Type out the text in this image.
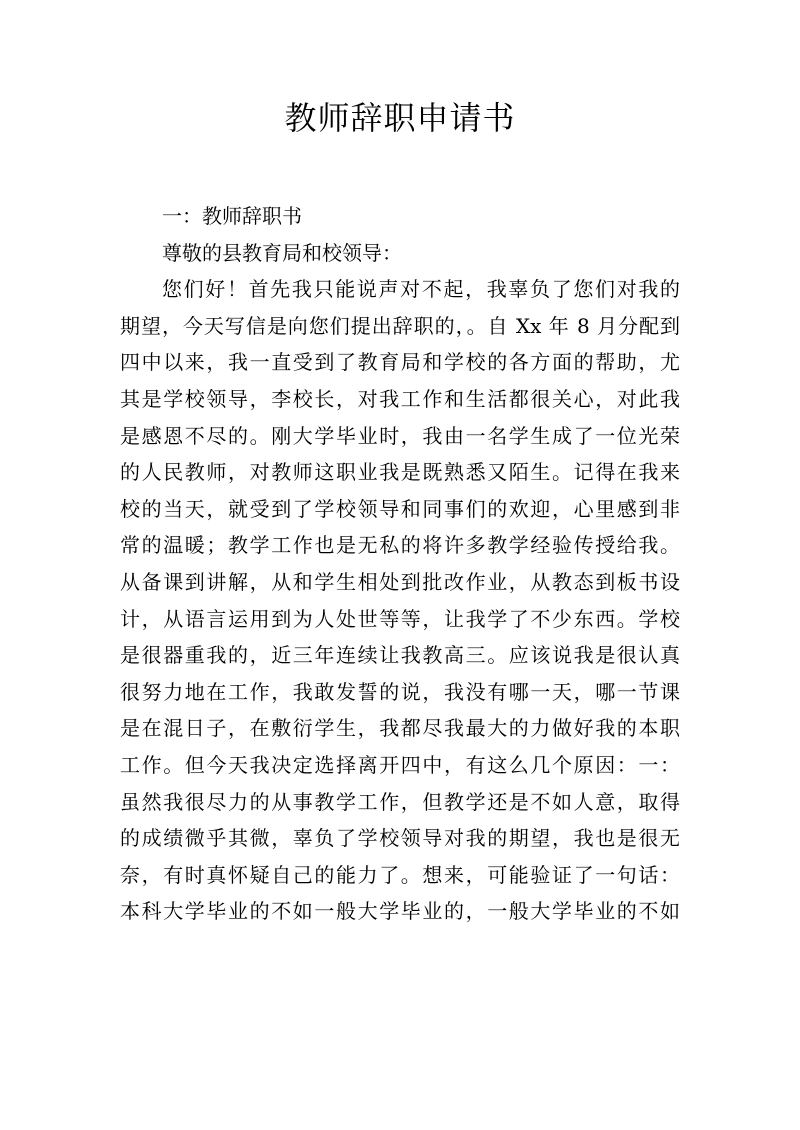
教师辞职申请书

一：教师辞职书

尊敬的县教育局和校领导：

您们好！首先我只能说声对不起，我辜负了您们对我的
期望，今天写信是向您们提出辞职的，。自 Xx 年 8 月分配到
四中以来，我一直受到了教育局和学校的各方面的帮助，尤
其是学校领导，李校长，对我工作和生活都很关心，对此我
是感恩不尽的。刚大学毕业时，我由一名学生成了一位光荣
的人民教师，对教师这职业我是既熟悉又陌生。记得在我来
校的当天，就受到了学校领导和同事们的欢迎，心里感到非
常的温暖；教学工作也是无私的将许多教学经验传授给我。
从备课到讲解，从和学生相处到批改作业，从教态到板书设
计，从语言运用到为人处世等等，让我学了不少东西。学校
是很器重我的，近三年连续让我教高三。应该说我是很认真
很努力地在工作，我敢发誓的说，我没有哪一天，哪一节课
是在混日子，在敷衍学生，我都尽我最大的力做好我的本职
工作。但今天我决定选择离开四中，有这么几个原因：一：
虽然我很尽力的从事教学工作，但教学还是不如人意，取得
的成绩微乎其微，辜负了学校领导对我的期望，我也是很无
奈，有时真怀疑自己的能力了。想来，可能验证了一句话：
本科大学毕业的不如一般大学毕业的，一般大学毕业的不如
